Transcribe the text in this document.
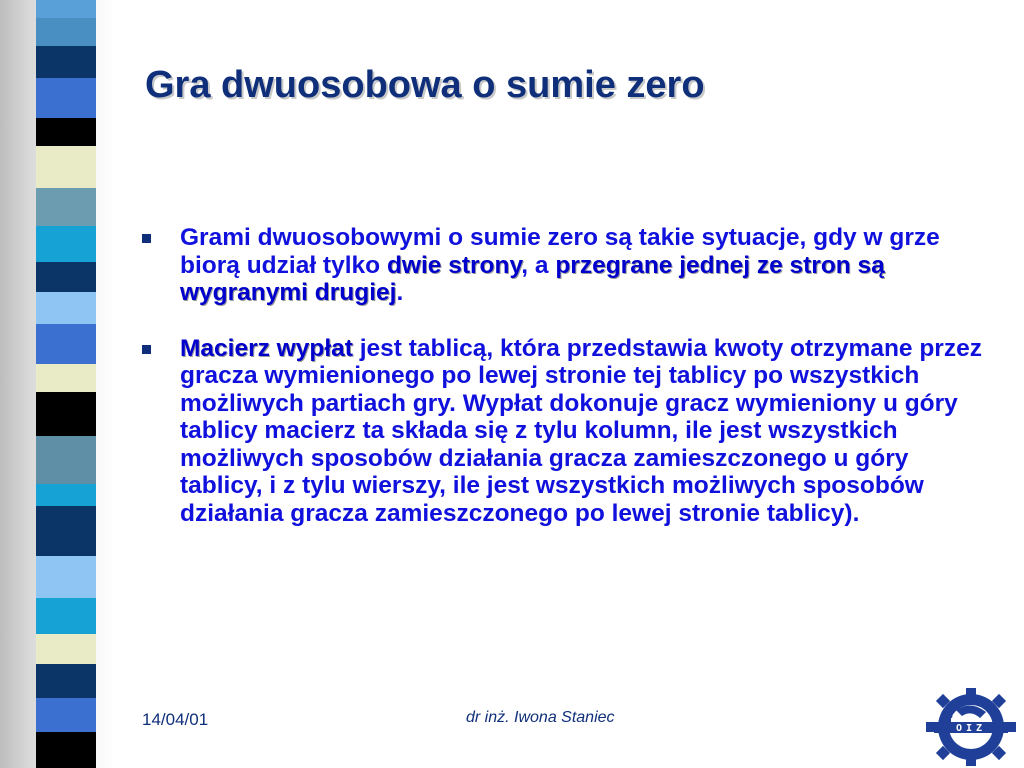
Gra dwuosobowa o sumie zero
Grami dwuosobowymi o sumie zero są takie sytuacje, gdy w grze biorą udział tylko dwie strony, a przegrane jednej ze stron są wygranymi drugiej.
Macierz wypłat jest tablicą, która przedstawia kwoty otrzymane przez gracza wymienionego po lewej stronie tej tablicy po wszystkich możliwych partiach gry. Wypłat dokonuje gracz wymieniony u góry tablicy macierz ta składa się z tylu kolumn, ile jest wszystkich możliwych sposobów działania gracza zamieszczonego u góry tablicy, i z tylu wierszy, ile jest wszystkich możliwych sposobów działania gracza zamieszczonego po lewej stronie tablicy).
14/04/01	dr inż. Iwona Staniec
OIZ
